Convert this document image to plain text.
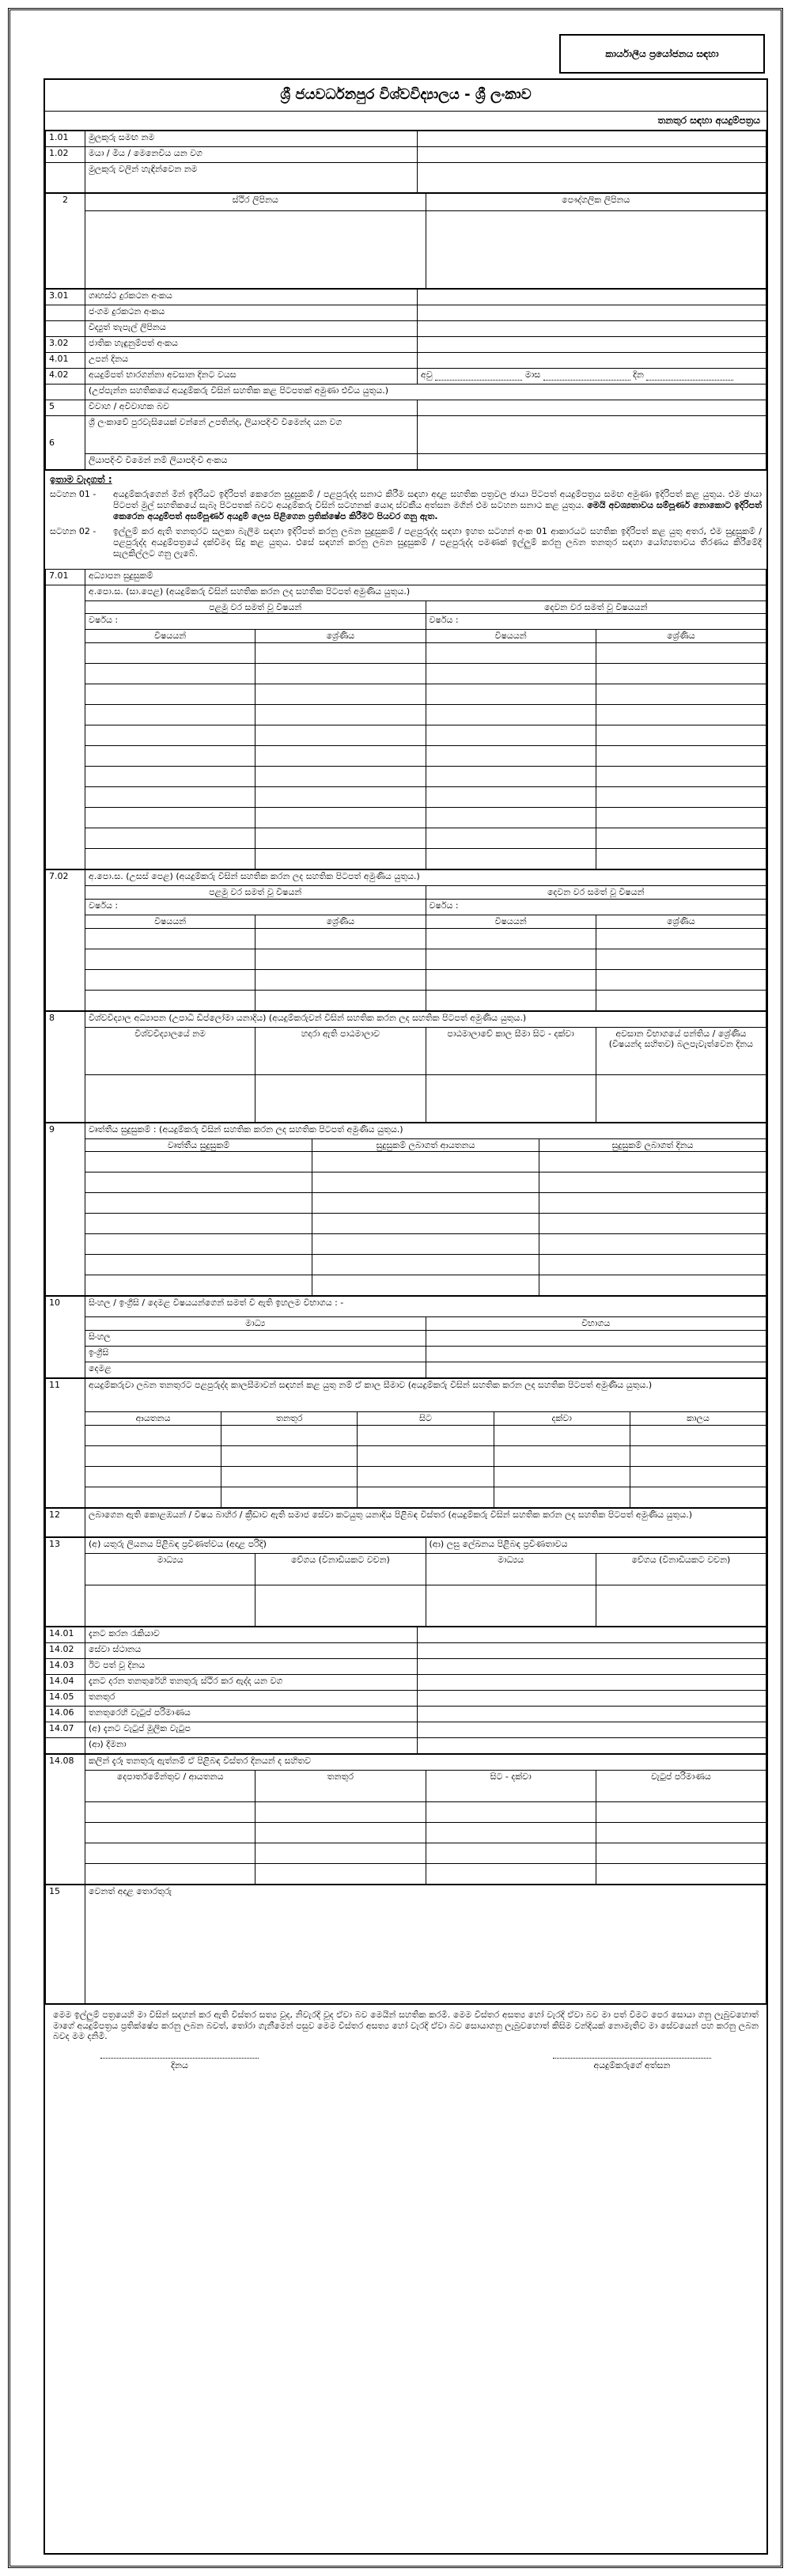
කාර්යාලීය ප්‍රයෝජනය සඳහා
ශ්‍රී ජයවර්ධනපුර විශ්වවිද්‍යාලය - ශ්‍රී ලංකාව
තනතුර සඳහා අයදුම්පත්‍රය
1.01	මුලකුරු සමඟ නම	
1.02	මයා / මිය / මෙනෙවිය යන වග	
	මුලකුරු වලින් හැඳින්වෙන නම	
2	ස්ථිර ලිපිනය	පෞද්ගලික ලිපිනය

3.01	ගෘහස්ථ දුරකථන අංකය	
	ජංගම දුරකථන අංකය	
	විද්‍යුත් තැපැල් ලිපිනය	
3.02	ජාතික හැඳුනුම්පත් අංකය	
4.01	උපන් දිනය	
4.02	අයදුම්පත් භාරගන්නා අවසාන දිනට වයස	අවු මාස දින
	(උප්පැන්න සහතිකයේ අයදුම්කරු විසින් සහතික කළ පිටපතක් අමුණා එවිය යුතුය.)	
5	විවාහ / අවිවාහක බව	
6	ශ්‍රී ලංකාවේ පුරවැසියෙක් වන්නේ උපතින්ද, ලියාපදිංචි වීමෙන්ද යන වග	
	ලියාපදිංචි වීමෙන් නම් ලියාපදිංචි අංකය	
ඉතාම වැදගත් :
සටහන 01 -	අයදුම්කරුගෙන් මින් ඉදිරියට ඉදිරිපත් කෙරෙන සුදුසුකම් / පළපුරුද්ද සනාථ කිරීම සඳහා අදාළ සහතික පත්‍රවල ඡායා පිටපත් අයදුම්පත්‍රය සමඟ අමුණා ඉදිරිපත් කළ යුතුය. එම ඡායා පිටපත් මුල් සහතිකයේ සැබෑ පිටපතක් බවට අයදුම්කරු විසින් සටහනක් යොදා ස්වකීය අත්සන මගින් එම සටහන සනාථ කළ යුතුය. මෙයි අවශ්‍යතාවය සම්පූර්ණ නොකොට ඉදිරිපත් කෙරෙන අයදුම්පත් අසම්පූර්ණ අයදුම් ලෙස පිළිගෙන ප්‍රතික්ෂේප කිරීමට පියවර ගනු ඇත.
සටහන 02 -	ඉල්ලුම් කර ඇති තනතුරට සලකා බැලීම සඳහා ඉදිරිපත් කරනු ලබන සුදුසුකම් / පළපුරුද්ද සඳහා ඉහත සටහන් අංක 01 ආකාරයට සහතික ඉදිරිපත් කළ යුතු අතර, එම සුදුසුකම් / පළපුරුද්ද අයදුම්පත්‍රයේ දක්වීමද සිදු කළ යුතුය. එසේ සඳහන් කරනු ලබන සුදුසුකම් / පළපුරුද්ද පමණක් ඉල්ලුම් කරනු ලබන තනතුර සඳහා යෝග්‍යතාවය තීරණය කිරීමේදී සැලකිල්ලට ගනු ලැබේ.
7.01	අධ්‍යාපන සුදුසුකම්			
	අ.පො.ස. (සා.පෙළ) (අයදුම්කරු විසින් සහතික කරන ලද සහතික පිටපත් අමුණිය යුතුය.)			
	පළමු වර සමත් වූ විෂයන්		දෙවන වර සමත් වූ විෂයයන්	
	වර්ෂය :		වර්ෂය :	
	විෂයයන්	ශ්‍රේණිය	විෂයයන්	ශ්‍රේණිය

7.02	අ.පො.ස. (උසස් පෙළ) (අයදුම්කරු විසින් සහතික කරන ලද සහතික පිටපත් අමුණිය යුතුය.)			
	පළමු වර සමත් වූ විෂයන්		දෙවන වර සමත් වූ විෂයන්	
	වර්ෂය :		වර්ෂය :	
	විෂයයන්	ශ්‍රේණිය	විෂයයන්	ශ්‍රේණිය

8	විශ්වවිද්‍යාල අධ්‍යාපන (උපාධි ඩිප්ලෝමා යනාදිය) (අයදුම්කරුවන් විසින් සහතික කරන ලද සහතික පිටපත් අමුණිය යුතුය.)			
	විශ්වවිද්‍යාලයේ නම	හදාරා ඇති පාඨමාලාව	පාඨමාලාවේ කාල සීමා සිට - දක්වා	අවසාන විභාගයේ පන්තිය / ශ්‍රේණිය (විෂයන්ද සහිතව) බලපැවැත්වෙන දිනය

9	වෘත්තීය සුදුසුකම් : (අයදුම්කරු විසින් සහතික කරන ලද සහතික පිටපත් අමුණිය යුතුය.)		
	වෘත්තීය සුදුසුකම්	සුදුසුකම් ලබාගත් ආයතනය	සුදුසුකම් ලබාගත් දිනය

10	සිංහල / ඉංග්‍රීසි / දෙමළ විෂයයන්ගෙන් සමත් වී ඇති ඉහලම විභාගය : -	
	මාධ්‍ය	විභාගය
	සිංහල	
	ඉංග්‍රීසි	
	දෙමළ	
11	අයදුම්කරුවා ලබන තනතුරට පළපුරුද්ද කාලසීමාවන් සඳහන් කළ යුතු නම් ඒ කාල සීමාව (අයදුම්කරු විසින් සහතික කරන ලද සහතික පිටපත් අමුණිය යුතුය.)				
	ආයතනය	තනතුර	සිට	දක්වා	කාලය

12	ලබාගෙන ඇති කොළඹයන් / විෂය බාහිර / ක්‍රීඩාව ඇති සමාජ සේවා කටයුතු යනාදිය පිළිබඳ විස්තර (අයදුම්කරු විසින් සහතික කරන ලද සහතික පිටපත් අමුණිය යුතුය.)
13	(අ) යතුරු ලියනය පිළිබඳ ප්‍රවීණත්වය (අදාළ පරිදි)		(ආ) ලඝු ලේඛනය පිළිබඳ ප්‍රවීණතාවය	
	මාධ්‍යය	වේගය (විනාඩියකට වචන)	මාධ්‍යය	වේගය (විනාඩියකට වචන)

14.01	දැනට කරන රැකියාව	
14.02	සේවා ස්ථානය	
14.03	ඊට පත් වූ දිනය	
14.04	දැනට දරන තනතුරේහි තනතුරු ස්ථිර කර ඇද්ද යන වග	
14.05	තනතුර	
14.06	තනතුරෙහි වැටුප් පරිමාණය	
14.07	(අ) දැනට වැටුප් මූලික වැටුප	
	(ආ) දීමනා	
14.08	කලින් දැරූ තනතුරු ඇත්නම් ඒ පිළිබඳ විස්තර දිනයන් ද සහිතව			
	දෙපාර්තමේන්තුව / ආයතනය	තනතුර	සිට - දක්වා	වැටුප් පරිමාණය

15	වෙනත් අදාළ තොරතුරු
මෙම ඉල්ලුම් පත්‍රයෙහි මා විසින් සදහන් කර ඇති විස්තර සත්‍ය වූද, නිවැරදි වූද ඒවා බව මෙයින් සහතික කරමි. මෙම විස්තර අසත්‍ය හෝ වැරදි ඒවා බව මා පත් වීමට පෙර සොයා ගනු ලැබුවහොත් මාගේ අයදුම්පත්‍රය ප්‍රතික්ෂේප කරනු ලබන බවත්, තෝරා ගැනීමෙන් පසුව මෙම විස්තර අසත්‍ය හෝ වැරදි ඒවා බව සොයාගනු ලැබුවහොත් කිසිම වන්දියක් නොමැතිව මා සේවයෙන් පහ කරනු ලබන බවද මම දනිමි.
දිනය	අයදුම්කරුගේ අත්සන
